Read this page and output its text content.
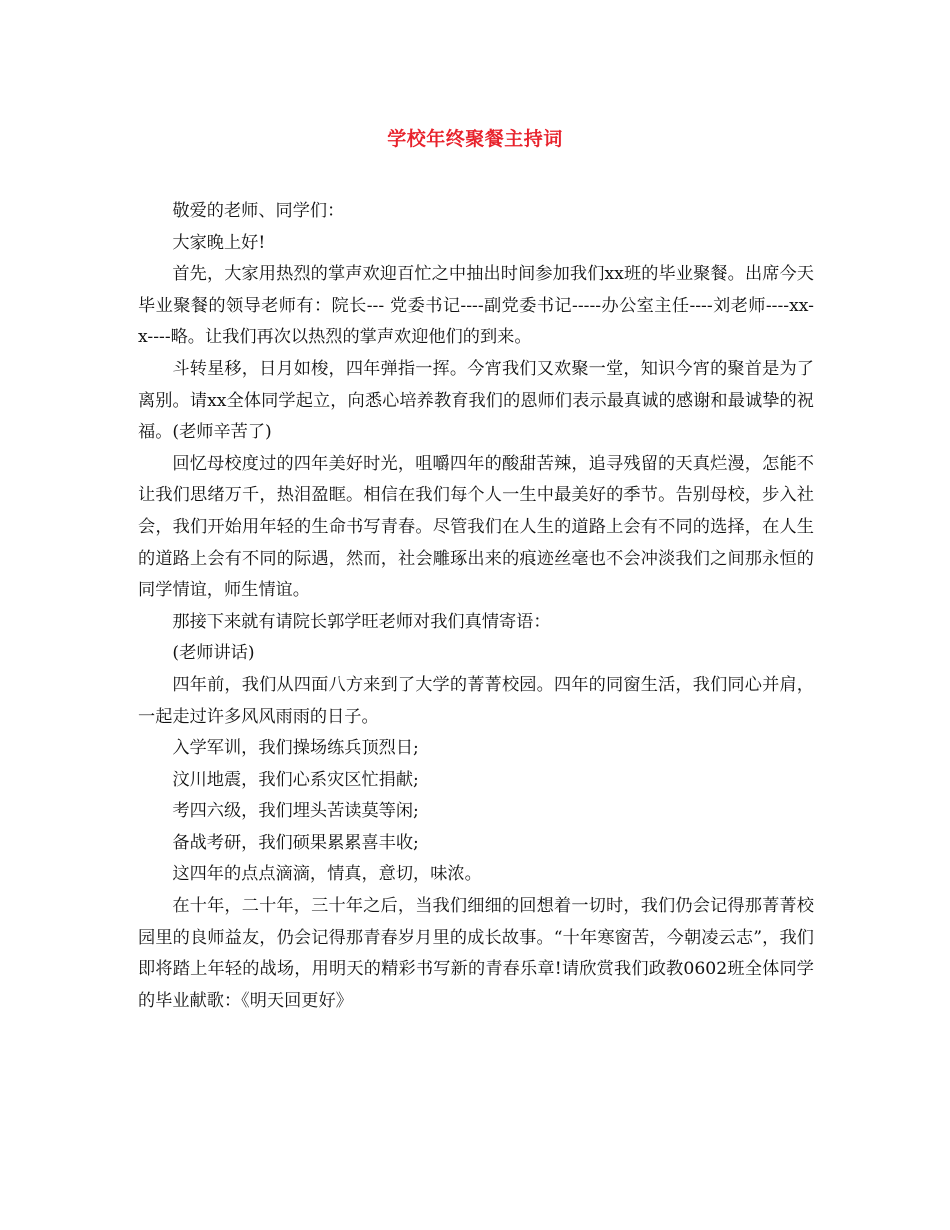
学校年终聚餐主持词

敬爱的老师、同学们：

大家晚上好!

首先，大家用热烈的掌声欢迎百忙之中抽出时间参加我们xx班的毕业聚餐。出席今天毕业聚餐的领导老师有：院长--- 党委书记----副党委书记-----办公室主任----刘老师----xx-x----略。让我们再次以热烈的掌声欢迎他们的到来。

斗转星移，日月如梭，四年弹指一挥。今宵我们又欢聚一堂，知识今宵的聚首是为了离别。请xx全体同学起立，向悉心培养教育我们的恩师们表示最真诚的感谢和最诚挚的祝福。(老师辛苦了)

回忆母校度过的四年美好时光，咀嚼四年的酸甜苦辣，追寻残留的天真烂漫，怎能不让我们思绪万千，热泪盈眶。相信在我们每个人一生中最美好的季节。告别母校，步入社会，我们开始用年轻的生命书写青春。尽管我们在人生的道路上会有不同的选择，在人生的道路上会有不同的际遇，然而，社会雕琢出来的痕迹丝毫也不会冲淡我们之间那永恒的同学情谊，师生情谊。

那接下来就有请院长郭学旺老师对我们真情寄语：

(老师讲话)

四年前，我们从四面八方来到了大学的菁菁校园。四年的同窗生活，我们同心并肩，一起走过许多风风雨雨的日子。

入学军训，我们操场练兵顶烈日;

汶川地震，我们心系灾区忙捐献;

考四六级，我们埋头苦读莫等闲;

备战考研，我们硕果累累喜丰收;

这四年的点点滴滴，情真，意切，味浓。

在十年，二十年，三十年之后，当我们细细的回想着一切时，我们仍会记得那菁菁校园里的良师益友，仍会记得那青春岁月里的成长故事。“十年寒窗苦，今朝凌云志”，我们即将踏上年轻的战场，用明天的精彩书写新的青春乐章!请欣赏我们政教0602班全体同学的毕业献歌：《明天回更好》
